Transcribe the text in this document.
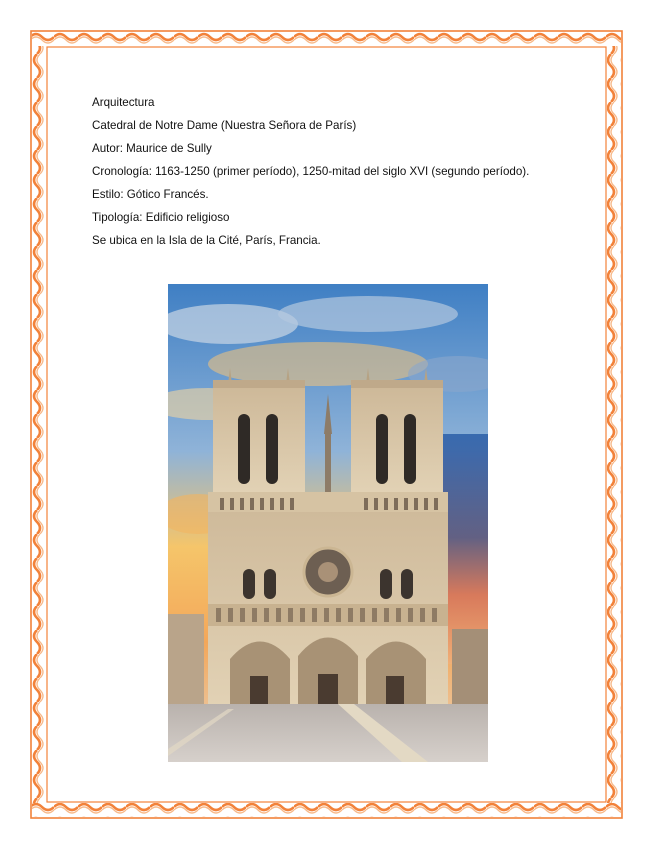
Arquitectura

Catedral de Notre Dame (Nuestra Señora de París)

Autor: Maurice de Sully

Cronología: 1163-1250 (primer período), 1250-mitad del siglo XVI (segundo período).

Estilo: Gótico Francés.

Tipología: Edificio religioso

Se ubica en la Isla de la Cité, París, Francia.
